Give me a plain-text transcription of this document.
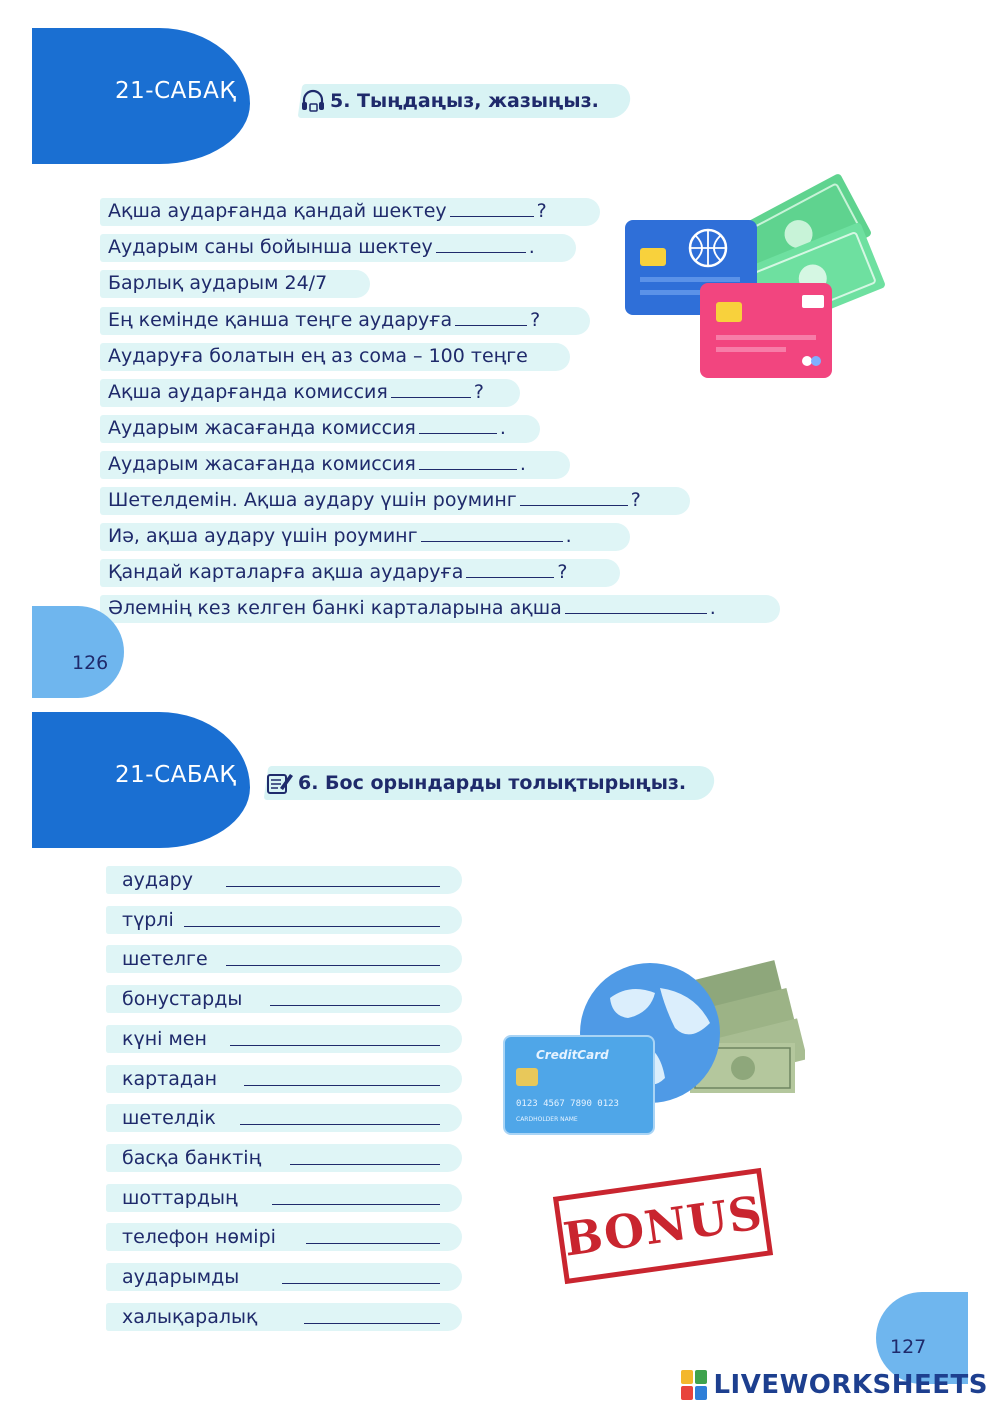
21-САБАҚ	5. Тыңдаңыз, жазыңыз.
Ақша аударғанда қандай шектеу	?
Аударым саны бойынша шектеу	.
Барлық аударым 24/7
Ең кемінде қанша теңге аударуға	?
Аударуға болатын ең аз сома – 100 теңге
Ақша аударғанда комиссия	?
Аударым жасағанда комиссия	.
Аударым жасағанда комиссия	.
Шетелдемін. Ақша аудару үшін роуминг	?
Иә, ақша аудару үшін роуминг	.
Қандай карталарға ақша аударуға	?
Әлемнің кез келген банкі карталарына ақша	.
126
21-САБАҚ	6. Бос орындарды толықтырыңыз.
аудару
түрлі
шетелге
бонустарды
күні мен
картадан
шетелдік
басқа банктің
шоттардың
телефон нөмірі
аударымды
халықаралық
CreditCard
0123 4567 7890 0123
CARDHOLDER NAME
BONUS
127
LIVEWORKSHEETS
